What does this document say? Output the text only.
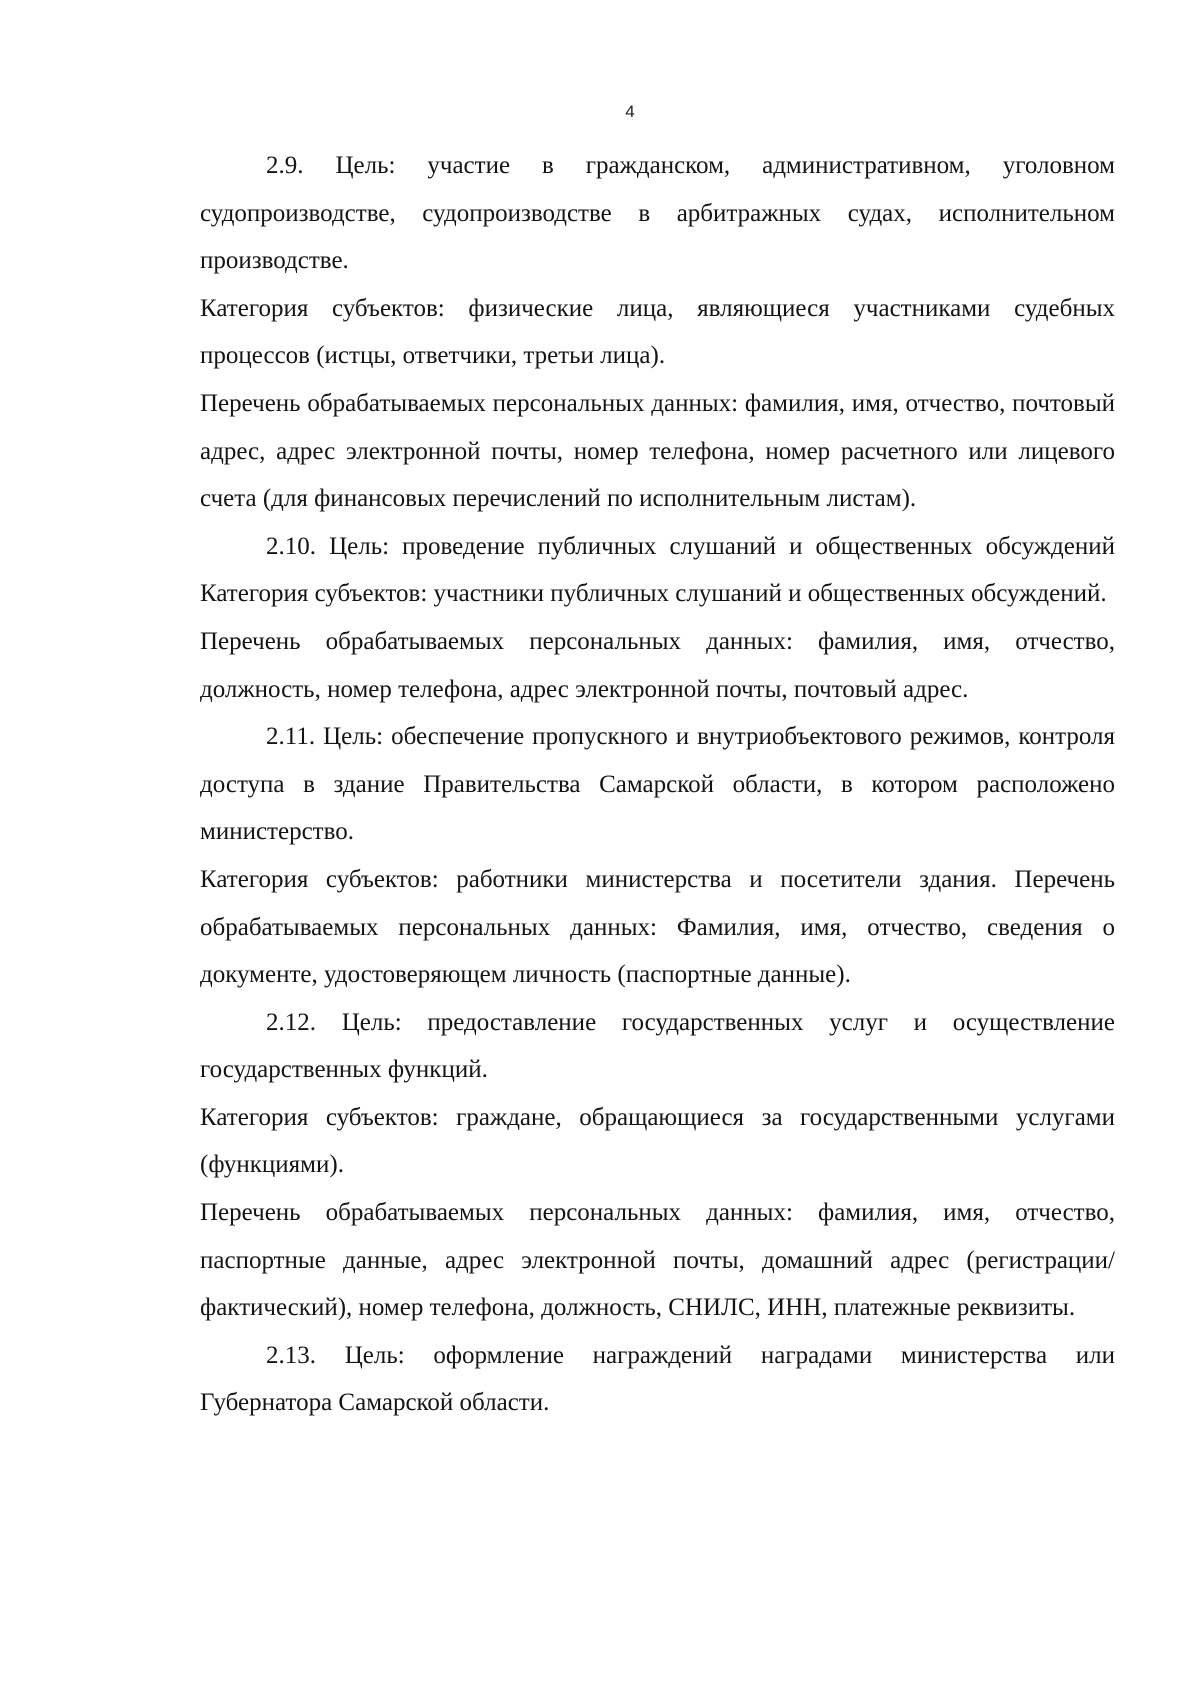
4

2.9. Цель: участие в гражданском, административном, уголовном судопроизводстве, судопроизводстве в арбитражных судах, исполнительном производстве.

Категория субъектов: физические лица, являющиеся участниками судебных процессов (истцы, ответчики, третьи лица).

Перечень обрабатываемых персональных данных: фамилия, имя, отчество, почтовый адрес, адрес электронной почты, номер телефона, номер расчетного или лицевого счета (для финансовых перечислений по исполнительным листам).

2.10. Цель: проведение публичных слушаний и общественных обсуждений   Категория субъектов: участники публичных слушаний и общественных обсуждений.

Перечень обрабатываемых персональных данных: фамилия, имя, отчество, должность, номер телефона, адрес электронной почты, почтовый адрес.

2.11. Цель: обеспечение пропускного и внутриобъектового режимов, контроля доступа в здание Правительства Самарской области, в котором расположено министерство.

Категория субъектов: работники министерства и посетители здания. Перечень обрабатываемых персональных данных: Фамилия, имя, отчество, сведения о документе, удостоверяющем личность (паспортные данные).

2.12. Цель: предоставление государственных услуг и осуществление государственных функций.

Категория субъектов: граждане, обращающиеся за государственными услугами (функциями).

Перечень обрабатываемых персональных данных: фамилия, имя, отчество, паспортные данные, адрес электронной почты, домашний адрес (регистрации/фактический), номер телефона, должность, СНИЛС, ИНН, платежные реквизиты.

2.13. Цель: оформление награждений наградами министерства или Губернатора Самарской области.
